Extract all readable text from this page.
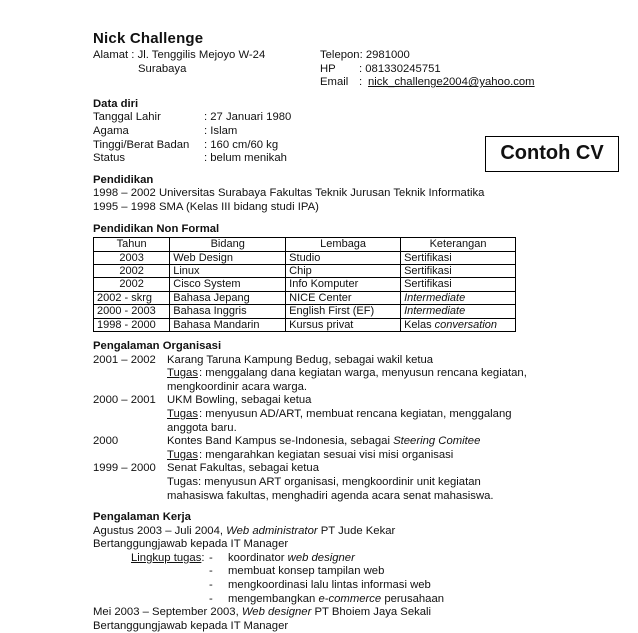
Contoh CV
Nick Challenge
Alamat : Jl. Tenggilis Mejoyo W-24	Telepon: 2981000
Surabaya	HP : 081330245751
Email : nick_challenge2004@yahoo.com
Data diri
Tanggal Lahir	: 27 Januari 1980
Agama	: Islam
Tinggi/Berat Badan : 160 cm/60 kg
Status	: belum menikah
Pendidikan
1998 – 2002 Universitas Surabaya Fakultas Teknik Jurusan Teknik Informatika
1995 – 1998 SMA (Kelas III bidang studi IPA)
Pendidikan Non Formal
Tahun	Bidang	Lembaga	Keterangan
2003	Web Design	Studio	Sertifikasi
2002	Linux	Chip	Sertifikasi
2002	Cisco System	Info Komputer	Sertifikasi
2002 - skrg	Bahasa Jepang	NICE Center	Intermediate
2000 - 2003	Bahasa Inggris	English First (EF)	Intermediate
1998 - 2000	Bahasa Mandarin	Kursus privat	Kelas conversation
Pengalaman Organisasi
2001 – 2002 Karang Taruna Kampung Bedug, sebagai wakil ketua
Tugas : menggalang dana kegiatan warga, menyusun rencana kegiatan,
mengkoordinir acara warga.
2000 – 2001 UKM Bowling, sebagai ketua
Tugas : menyusun AD/ART, membuat rencana kegiatan, menggalang
anggota baru.
2000	Kontes Band Kampus se-Indonesia, sebagai Steering Comitee
Tugas : mengarahkan kegiatan sesuai visi misi organisasi
1999 – 2000 Senat Fakultas, sebagai ketua
Tugas: menyusun ART organisasi, mengkoordinir unit kegiatan
mahasiswa fakultas, menghadiri agenda acara senat mahasiswa.
Pengalaman Kerja
Agustus 2003 – Juli 2004, Web administrator PT Jude Kekar
Bertanggungjawab kepada IT Manager
Lingkup tugas: - koordinator web designer
- membuat konsep tampilan web
- mengkoordinasi lalu lintas informasi web
- mengembangkan e-commerce perusahaan
Mei 2003 – September 2003, Web designer PT Bhoiem Jaya Sekali
Bertanggungjawab kepada IT Manager
